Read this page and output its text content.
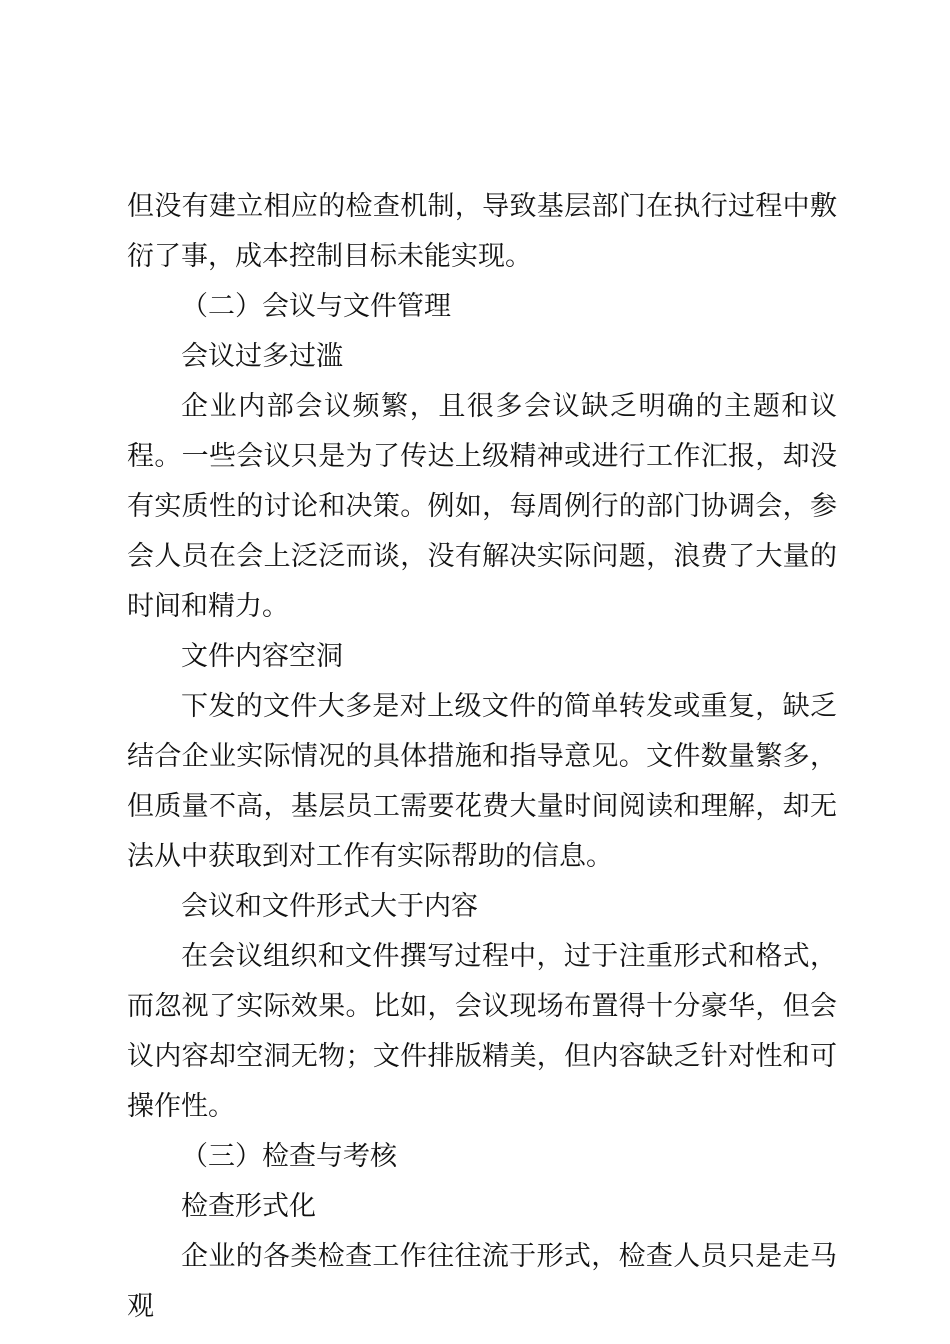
但没有建立相应的检查机制，导致基层部门在执行过程中敷衍了事，成本控制目标未能实现。

（二）会议与文件管理

会议过多过滥

企业内部会议频繁，且很多会议缺乏明确的主题和议程。一些会议只是为了传达上级精神或进行工作汇报，却没有实质性的讨论和决策。例如，每周例行的部门协调会，参会人员在会上泛泛而谈，没有解决实际问题，浪费了大量的时间和精力。

文件内容空洞

下发的文件大多是对上级文件的简单转发或重复，缺乏结合企业实际情况的具体措施和指导意见。文件数量繁多，但质量不高，基层员工需要花费大量时间阅读和理解，却无法从中获取到对工作有实际帮助的信息。

会议和文件形式大于内容

在会议组织和文件撰写过程中，过于注重形式和格式，而忽视了实际效果。比如，会议现场布置得十分豪华，但会议内容却空洞无物；文件排版精美，但内容缺乏针对性和可操作性。

（三）检查与考核

检查形式化

企业的各类检查工作往往流于形式，检查人员只是走马观
